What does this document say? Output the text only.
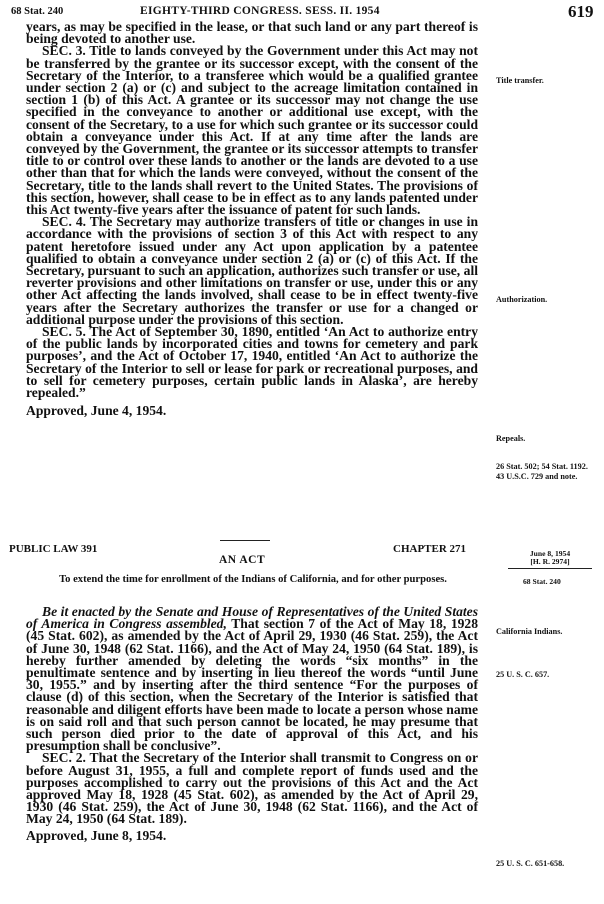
68 Stat. 240	EIGHTY-THIRD CONGRESS. SESS. II. 1954	619

years, as may be specified in the lease, or that such land or any part thereof is being devoted to another use.

SEC. 3. Title to lands conveyed by the Government under this Act may not be transferred by the grantee or its successor except, with the consent of the Secretary of the Interior, to a transferee which would be a qualified grantee under section 2 (a) or (c) and subject to the acreage limitation contained in section 1 (b) of this Act. A grantee or its successor may not change the use specified in the conveyance to another or additional use except, with the consent of the Secretary, to a use for which such grantee or its successor could obtain a conveyance under this Act. If at any time after the lands are conveyed by the Government, the grantee or its successor attempts to transfer title to or control over these lands to another or the lands are devoted to a use other than that for which the lands were conveyed, without the consent of the Secretary, title to the lands shall revert to the United States. The provisions of this section, however, shall cease to be in effect as to any lands patented under this Act twenty-five years after the issuance of patent for such lands.

SEC. 4. The Secretary may authorize transfers of title or changes in use in accordance with the provisions of section 3 of this Act with respect to any patent heretofore issued under any Act upon application by a patentee qualified to obtain a conveyance under section 2 (a) or (c) of this Act. If the Secretary, pursuant to such an application, authorizes such transfer or use, all reverter provisions and other limitations on transfer or use, under this or any other Act affecting the lands involved, shall cease to be in effect twenty-five years after the Secretary authorizes the transfer or use for a changed or additional purpose under the provisions of this section.

SEC. 5. The Act of September 30, 1890, entitled ‘An Act to authorize entry of the public lands by incorporated cities and towns for cemetery and park purposes’, and the Act of October 17, 1940, entitled ‘An Act to authorize the Secretary of the Interior to sell or lease for park or recreational purposes, and to sell for cemetery purposes, certain public lands in Alaska’, are hereby repealed.”

Approved, June 4, 1954.

PUBLIC LAW 391	CHAPTER 271
AN ACT
To extend the time for enrollment of the Indians of California, and for other purposes.

Be it enacted by the Senate and House of Representatives of the United States of America in Congress assembled, That section 7 of the Act of May 18, 1928 (45 Stat. 602), as amended by the Act of April 29, 1930 (46 Stat. 259), the Act of June 30, 1948 (62 Stat. 1166), and the Act of May 24, 1950 (64 Stat. 189), is hereby further amended by deleting the words “six months” in the penultimate sentence and by inserting in lieu thereof the words “until June 30, 1955.” and by inserting after the third sentence “For the purposes of clause (d) of this section, when the Secretary of the Interior is satisfied that reasonable and diligent efforts have been made to locate a person whose name is on said roll and that such person cannot be located, he may presume that such person died prior to the date of approval of this Act, and his presumption shall be conclusive”.

SEC. 2. That the Secretary of the Interior shall transmit to Congress on or before August 31, 1955, a full and complete report of funds used and the purposes accomplished to carry out the provisions of this Act and the Act approved May 18, 1928 (45 Stat. 602), as amended by the Act of April 29, 1930 (46 Stat. 259), the Act of June 30, 1948 (62 Stat. 1166), and the Act of May 24, 1950 (64 Stat. 189).

Approved, June 8, 1954.

Title transfer.
Authorization.
Repeals.
26 Stat. 502; 54 Stat. 1192.
43 U.S.C. 729 and note.
June 8, 1954
[H. R. 2974]
68 Stat. 240
California Indians.
25 U. S. C. 657.
25 U. S. C. 651-658.
